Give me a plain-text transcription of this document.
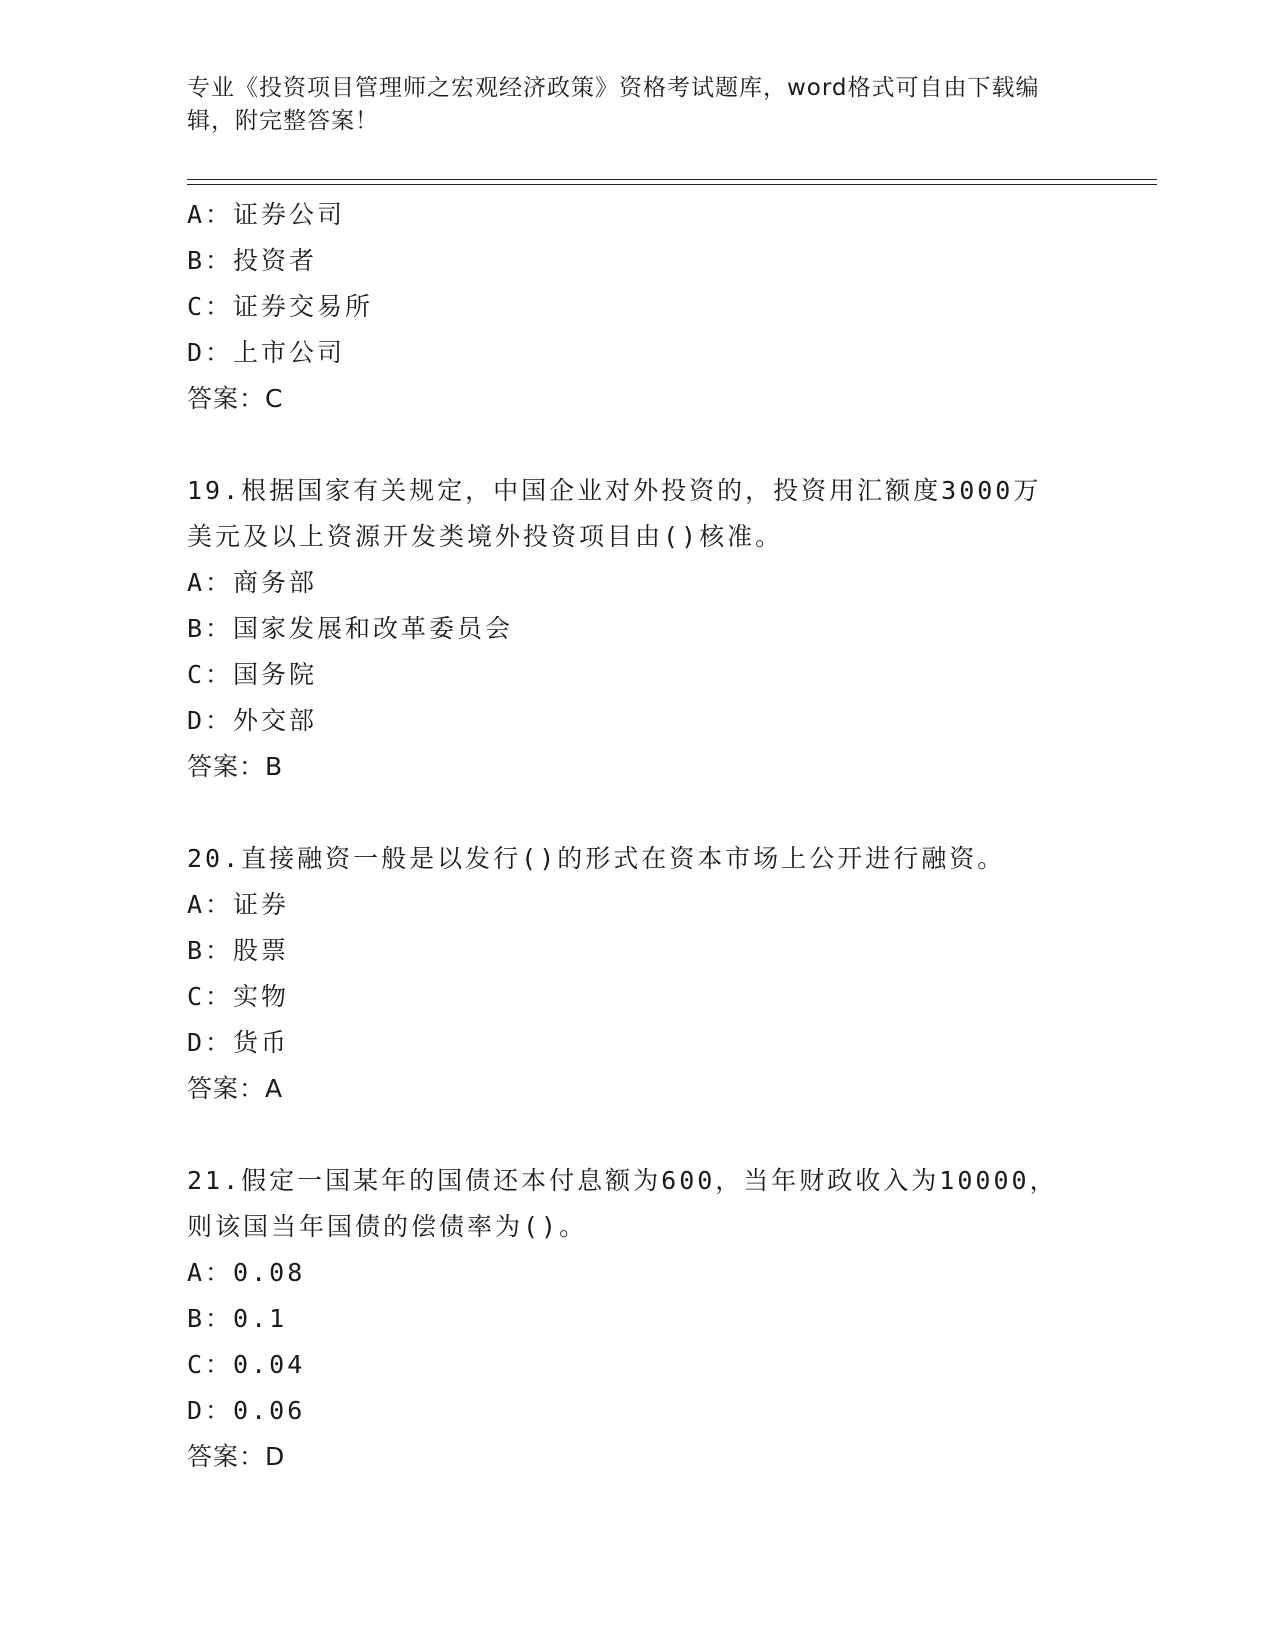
专业《投资项目管理师之宏观经济政策》资格考试题库，word格式可自由下载编
辑，附完整答案！
A：证券公司
B：投资者
C：证券交易所
D：上市公司
答案：C
19.根据国家有关规定，中国企业对外投资的，投资用汇额度3000万
美元及以上资源开发类境外投资项目由()核准。
A：商务部
B：国家发展和改革委员会
C：国务院
D：外交部
答案：B
20.直接融资一般是以发行()的形式在资本市场上公开进行融资。
A：证券
B：股票
C：实物
D：货币
答案：A
21.假定一国某年的国债还本付息额为600，当年财政收入为10000，
则该国当年国债的偿债率为()。
A：0.08
B：0.1
C：0.04
D：0.06
答案：D
